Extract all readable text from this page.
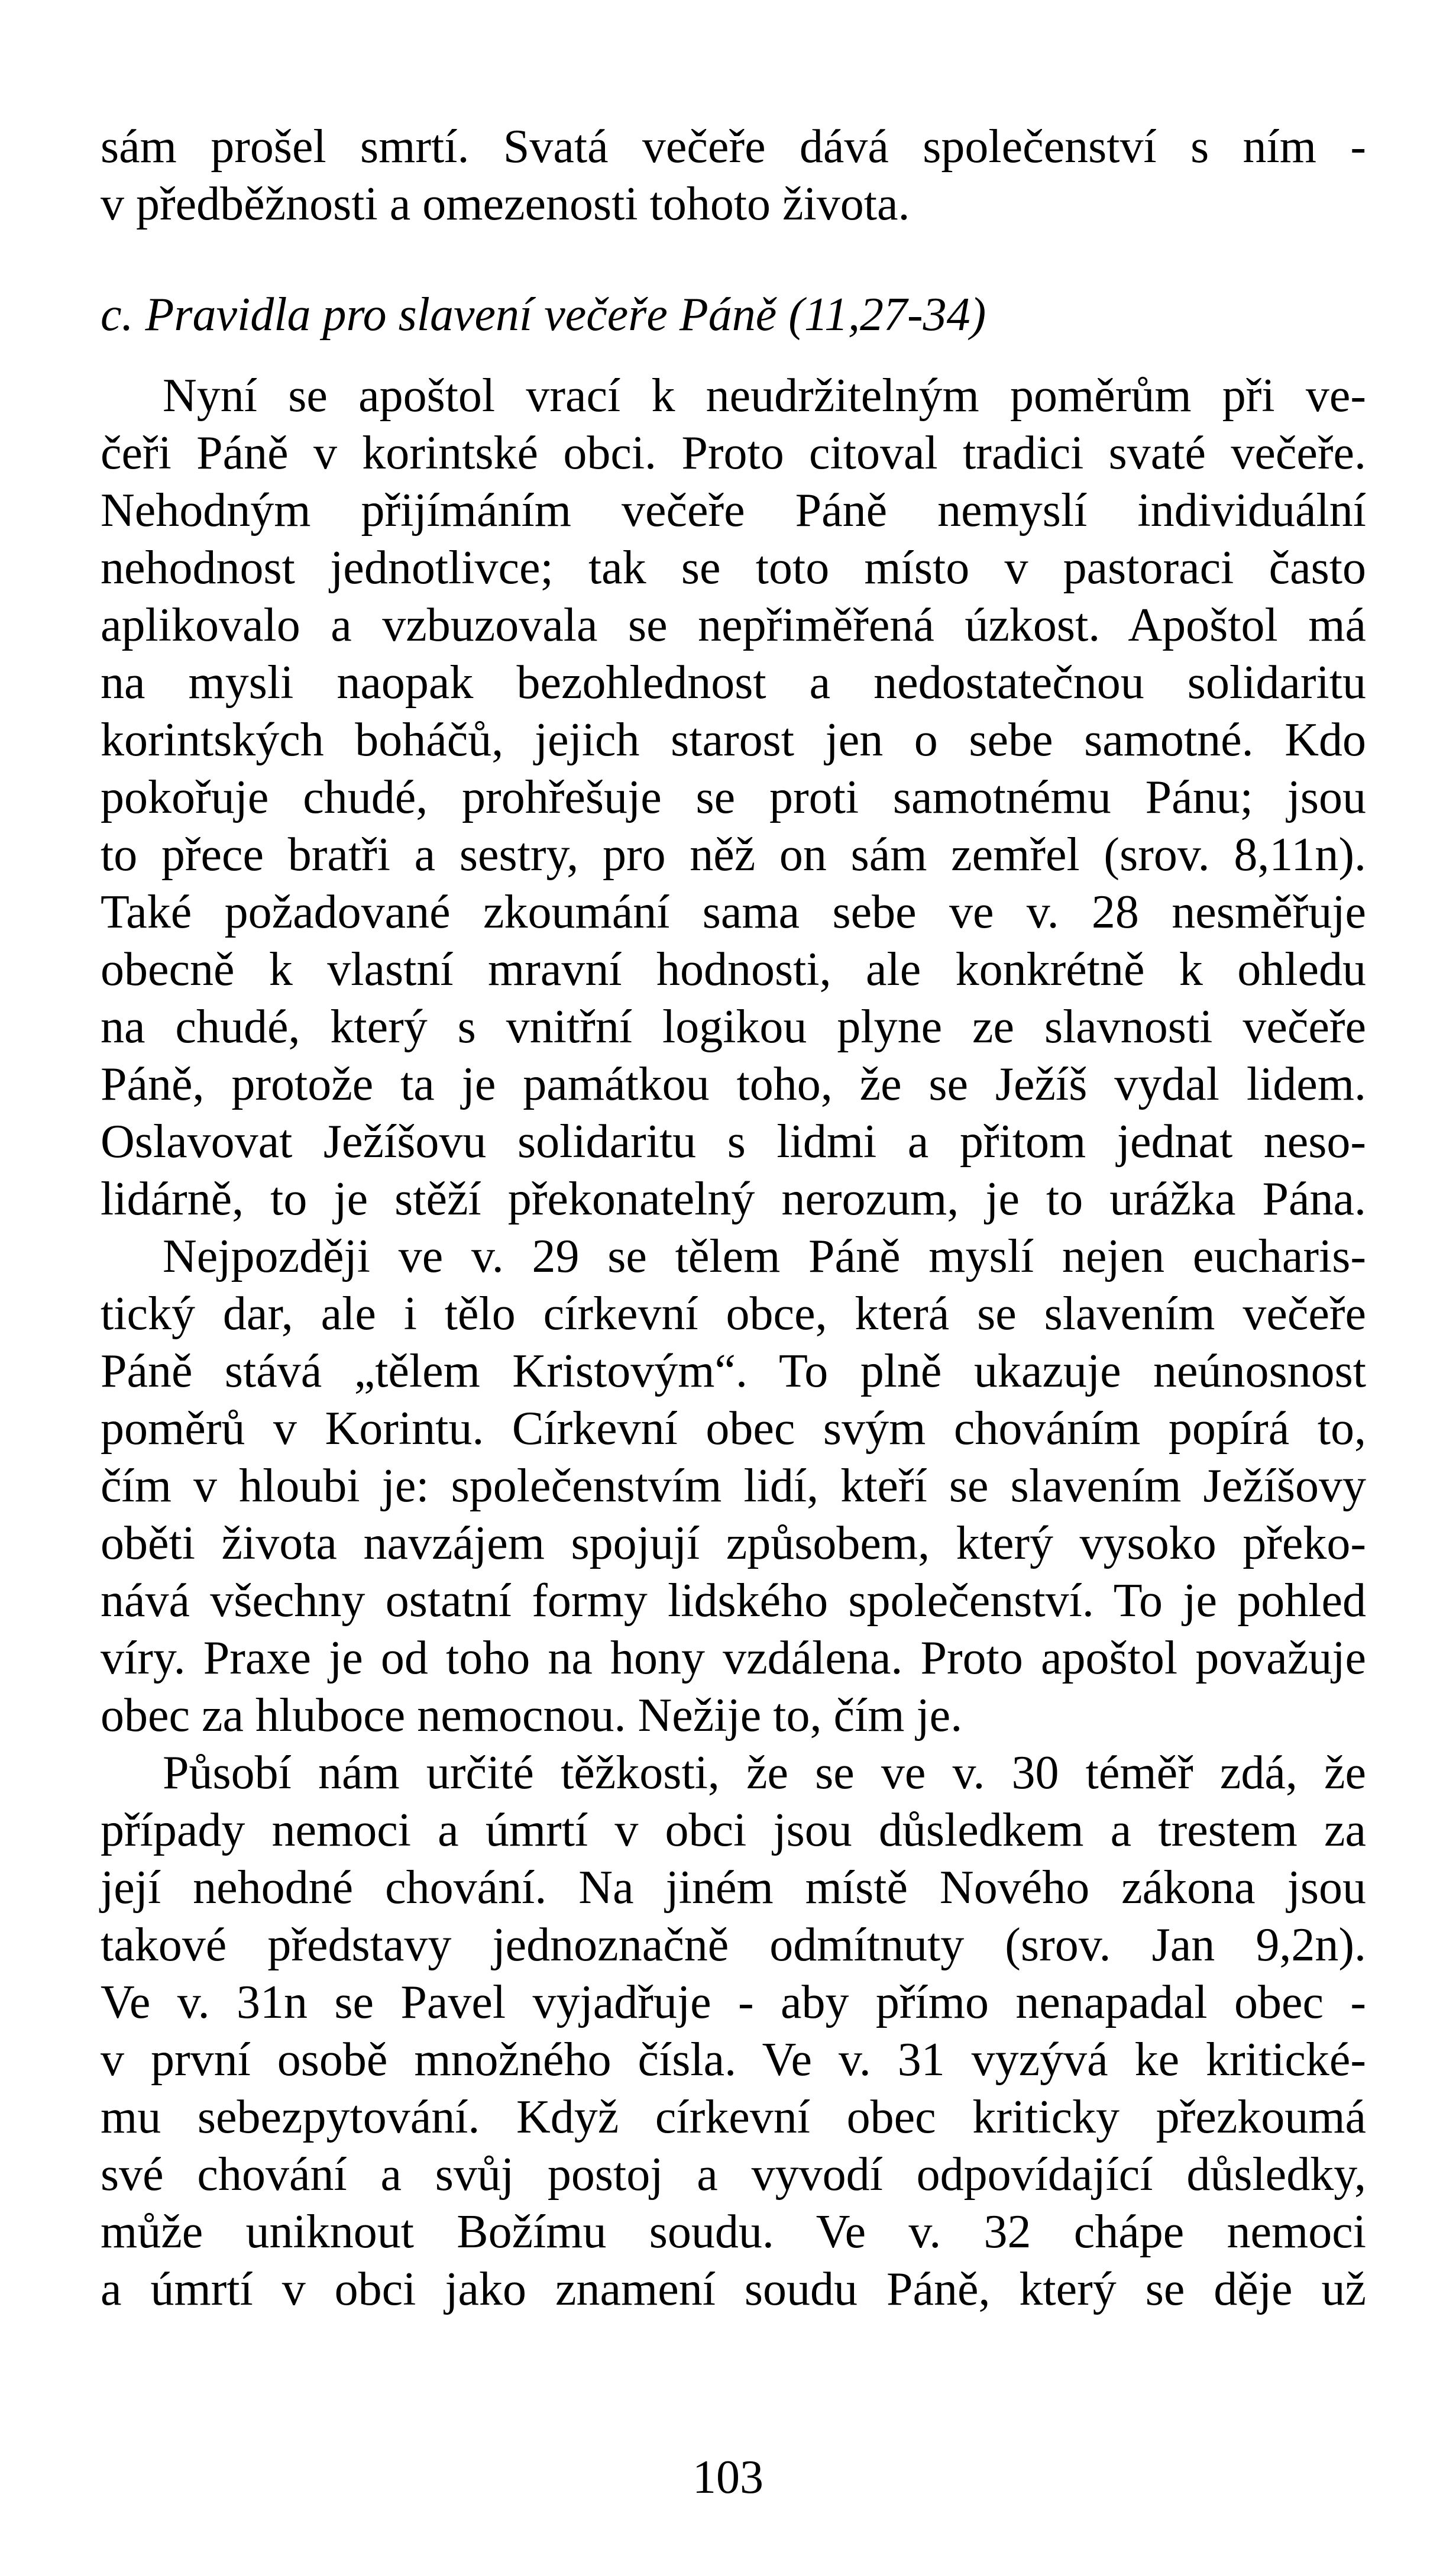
sám prošel smrtí. Svatá večeře dává společenství s ním -
v předběžnosti a omezenosti tohoto života.
c. Pravidla pro slavení večeře Páně (11,27-34)
Nyní se apoštol vrací k neudržitelným poměrům při ve-
čeři Páně v korintské obci. Proto citoval tradici svaté večeře.
Nehodným přijímáním večeře Páně nemyslí individuální
nehodnost jednotlivce; tak se toto místo v pastoraci často
aplikovalo a vzbuzovala se nepřiměřená úzkost. Apoštol má
na mysli naopak bezohlednost a nedostatečnou solidaritu
korintských boháčů, jejich starost jen o sebe samotné. Kdo
pokořuje chudé, prohřešuje se proti samotnému Pánu; jsou
to přece bratři a sestry, pro něž on sám zemřel (srov. 8,11n).
Také požadované zkoumání sama sebe ve v. 28 nesměřuje
obecně k vlastní mravní hodnosti, ale konkrétně k ohledu
na chudé, který s vnitřní logikou plyne ze slavnosti večeře
Páně, protože ta je památkou toho, že se Ježíš vydal lidem.
Oslavovat Ježíšovu solidaritu s lidmi a přitom jednat neso-
lidárně, to je stěží překonatelný nerozum, je to urážka Pána.
Nejpozději ve v. 29 se tělem Páně myslí nejen eucharis-
tický dar, ale i tělo církevní obce, která se slavením večeře
Páně stává „tělem Kristovým“. To plně ukazuje neúnosnost
poměrů v Korintu. Církevní obec svým chováním popírá to,
čím v hloubi je: společenstvím lidí, kteří se slavením Ježíšovy
oběti života navzájem spojují způsobem, který vysoko překo-
nává všechny ostatní formy lidského společenství. To je pohled
víry. Praxe je od toho na hony vzdálena. Proto apoštol považuje
obec za hluboce nemocnou. Nežije to, čím je.
Působí nám určité těžkosti, že se ve v. 30 téměř zdá, že
případy nemoci a úmrtí v obci jsou důsledkem a trestem za
její nehodné chování. Na jiném místě Nového zákona jsou
takové představy jednoznačně odmítnuty (srov. Jan 9,2n).
Ve v. 31n se Pavel vyjadřuje - aby přímo nenapadal obec -
v první osobě množného čísla. Ve v. 31 vyzývá ke kritické-
mu sebezpytování. Když církevní obec kriticky přezkoumá
své chování a svůj postoj a vyvodí odpovídající důsledky,
může uniknout Božímu soudu. Ve v. 32 chápe nemoci
a úmrtí v obci jako znamení soudu Páně, který se děje už
103
